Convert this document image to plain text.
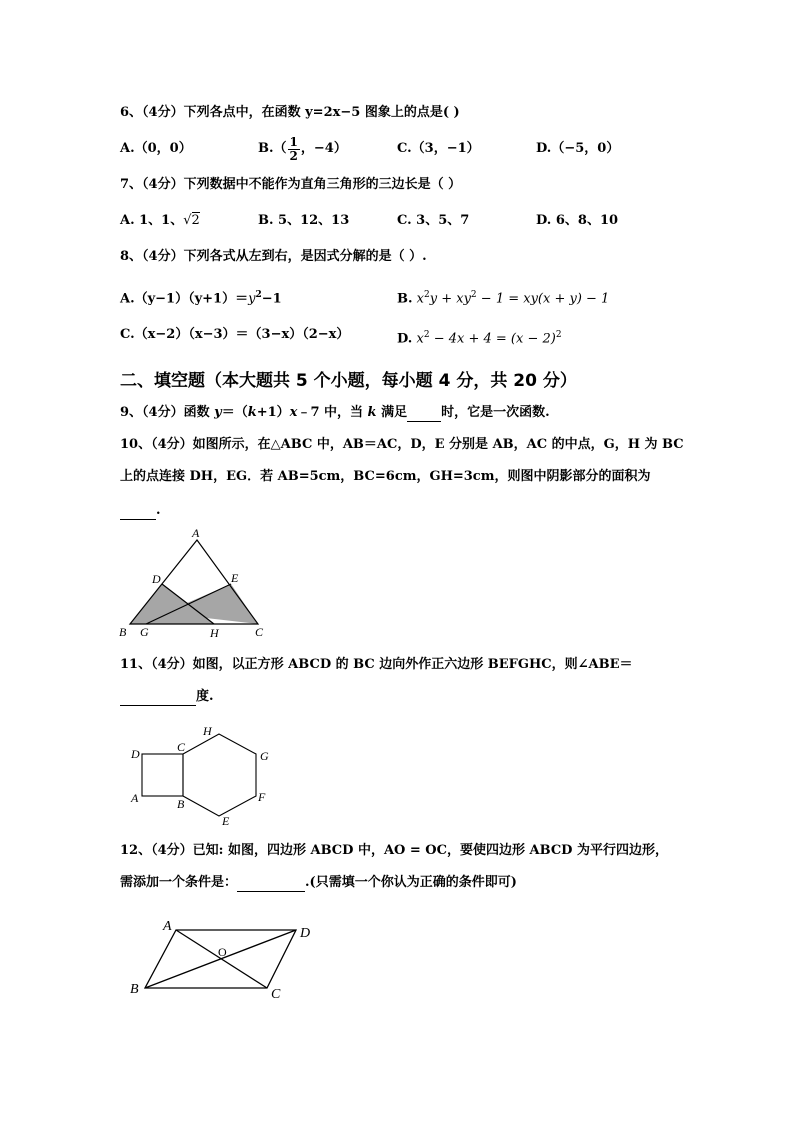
6、（4分）下列各点中，在函数 y=2x−5 图象上的点是( )
A.（0，0）	$B.( \frac{1}{2}$ ，−4）	C.（3，−1）	D.（−5，0）
7、（4分）下列数据中不能作为直角三角形的三边长是（ ）
A. 1、1、√2	B. 5、12、13	C. 3、5、7	D. 6、8、10
8、（4分）下列各式从左到右，是因式分解的是（ ）.
$A.(y-1)(y+1)=y^2-1$	B. $x^2y + xy^2 - 1 = xy(x + y) - 1$
C.（x−2）（x−3）＝（3−x）（2−x）	D. $x^2 - 4x + 4 = (x - 2)^2$
二、填空题（本大题共 5 个小题，每小题 4 分，共 20 分）
9、（4分）函数 y＝（k+1）x﹣7 中，当 k 满足	时，它是一次函数.
10、（4分）如图所示，在△ABC 中，AB＝AC，D，E 分别是 AB，AC 的中点，G，H 为 BC
上的点连接 DH，EG．若 AB=5cm，BC=6cm，GH=3cm，则图中阴影部分的面积为
.
A
B	C
D	E
G	H
11、（4分）如图，以正方形 ABCD 的 BC 边向外作正六边形 BEFGHC，则∠ABE＝
度.
D
A	B
C
H
G
F
E
12、（4分）已知: 如图，四边形 ABCD 中，AO = OC，要使四边形 ABCD 为平行四边形，
需添加一个条件是：	.(只需填一个你认为正确的条件即可)
A
B	C
D
O
